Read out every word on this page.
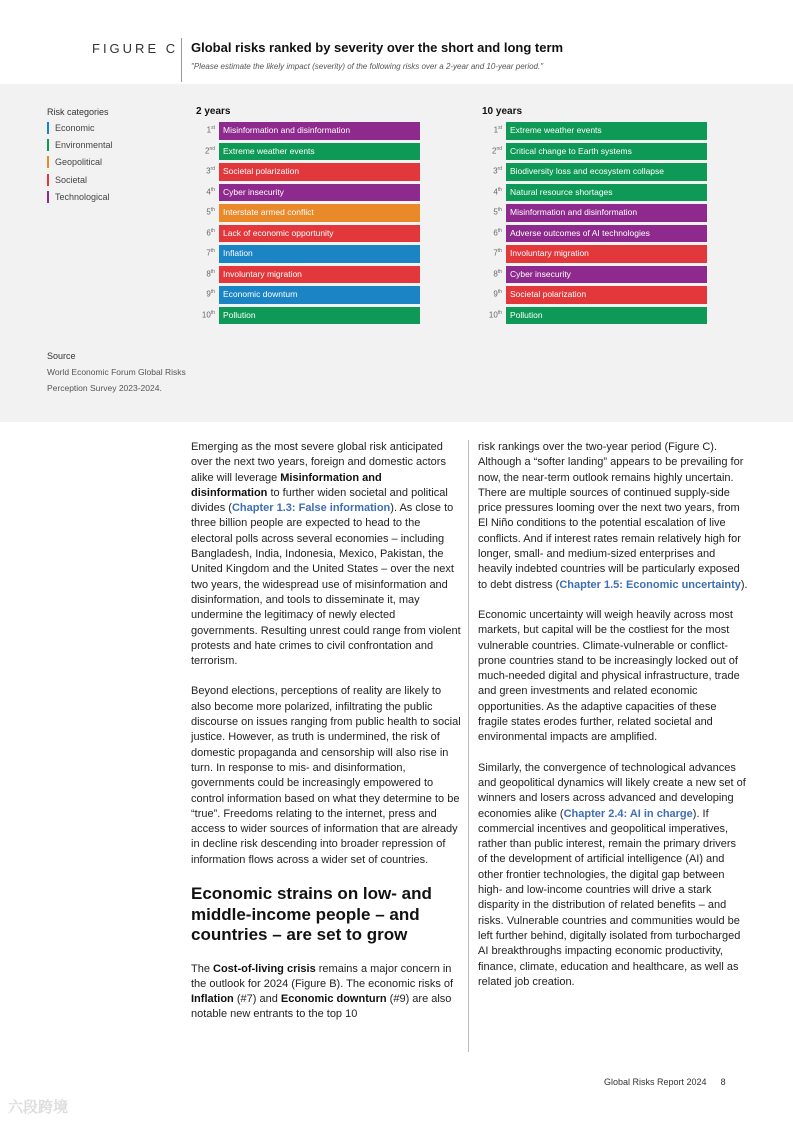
FIGURE C Global risks ranked by severity over the short and long term
"Please estimate the likely impact (severity) of the following risks over a 2-year and 10-year period."
Risk categories
Economic
Environmental
Geopolitical
Societal
Technological
2 years
1st Misinformation and disinformation
2nd Extreme weather events
3rd Societal polarization
4th Cyber insecurity
5th Interstate armed conflict
6th Lack of economic opportunity
7th Inflation
8th Involuntary migration
9th Economic downturn
10th Pollution
10 years
1st Extreme weather events
2nd Critical change to Earth systems
3rd Biodiversity loss and ecosystem collapse
4th Natural resource shortages
5th Misinformation and disinformation
6th Adverse outcomes of AI technologies
7th Involuntary migration
8th Cyber insecurity
9th Societal polarization
10th Pollution
Source
World Economic Forum Global Risks Perception Survey 2023-2024.

Emerging as the most severe global risk anticipated over the next two years, foreign and domestic actors alike will leverage Misinformation and disinformation to further widen societal and political divides (Chapter 1.3: False information). As close to three billion people are expected to head to the electoral polls across several economies – including Bangladesh, India, Indonesia, Mexico, Pakistan, the United Kingdom and the United States – over the next two years, the widespread use of misinformation and disinformation, and tools to disseminate it, may undermine the legitimacy of newly elected governments. Resulting unrest could range from violent protests and hate crimes to civil confrontation and terrorism.

Beyond elections, perceptions of reality are likely to also become more polarized, infiltrating the public discourse on issues ranging from public health to social justice. However, as truth is undermined, the risk of domestic propaganda and censorship will also rise in turn. In response to mis- and disinformation, governments could be increasingly empowered to control information based on what they determine to be “true”. Freedoms relating to the internet, press and access to wider sources of information that are already in decline risk descending into broader repression of information flows across a wider set of countries.

Economic strains on low- and middle-income people – and countries – are set to grow

The Cost-of-living crisis remains a major concern in the outlook for 2024 (Figure B). The economic risks of Inflation (#7) and Economic downturn (#9) are also notable new entrants to the top 10

risk rankings over the two-year period (Figure C). Although a “softer landing” appears to be prevailing for now, the near-term outlook remains highly uncertain. There are multiple sources of continued supply-side price pressures looming over the next two years, from El Niño conditions to the potential escalation of live conflicts. And if interest rates remain relatively high for longer, small- and medium-sized enterprises and heavily indebted countries will be particularly exposed to debt distress (Chapter 1.5: Economic uncertainty).

Economic uncertainty will weigh heavily across most markets, but capital will be the costliest for the most vulnerable countries. Climate-vulnerable or conflict-prone countries stand to be increasingly locked out of much-needed digital and physical infrastructure, trade and green investments and related economic opportunities. As the adaptive capacities of these fragile states erodes further, related societal and environmental impacts are amplified.

Similarly, the convergence of technological advances and geopolitical dynamics will likely create a new set of winners and losers across advanced and developing economies alike (Chapter 2.4: AI in charge). If commercial incentives and geopolitical imperatives, rather than public interest, remain the primary drivers of the development of artificial intelligence (AI) and other frontier technologies, the digital gap between high- and low-income countries will drive a stark disparity in the distribution of related benefits – and risks. Vulnerable countries and communities would be left further behind, digitally isolated from turbocharged AI breakthroughs impacting economic productivity, finance, climate, education and healthcare, as well as related job creation.

Global Risks Report 2024 8
六段跨境
